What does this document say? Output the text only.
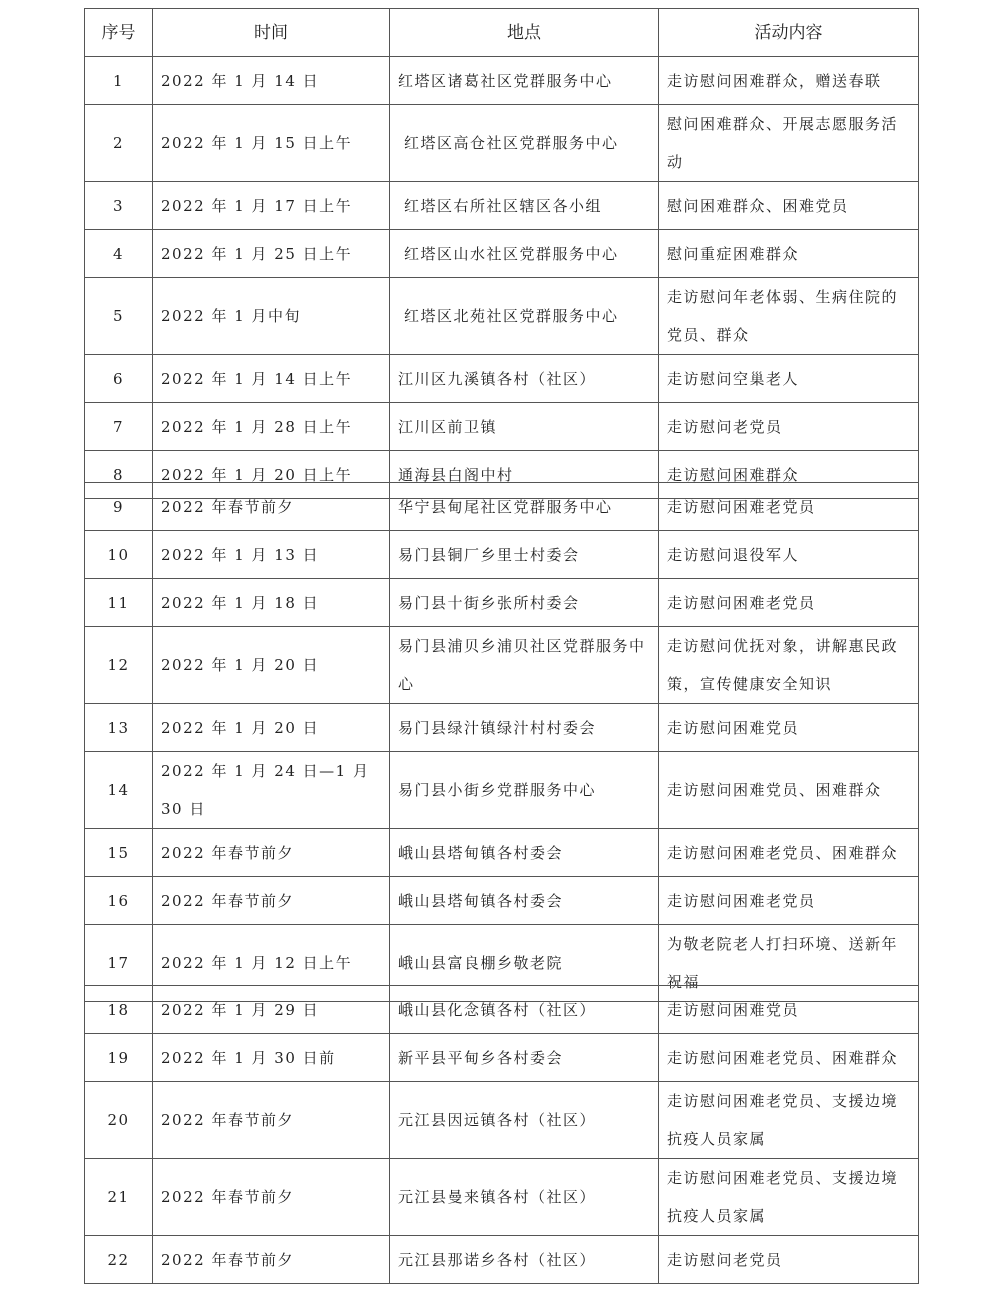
序号	时间	地点	活动内容
1	2022 年 1 月 14 日	红塔区诸葛社区党群服务中心	走访慰问困难群众，赠送春联
2	2022 年 1 月 15 日上午	红塔区高仓社区党群服务中心	慰问困难群众、开展志愿服务活动
3	2022 年 1 月 17 日上午	红塔区右所社区辖区各小组	慰问困难群众、困难党员
4	2022 年 1 月 25 日上午	红塔区山水社区党群服务中心	慰问重症困难群众
5	2022 年 1 月中旬	红塔区北苑社区党群服务中心	走访慰问年老体弱、生病住院的党员、群众
6	2022 年 1 月 14 日上午	江川区九溪镇各村（社区）	走访慰问空巢老人
7	2022 年 1 月 28 日上午	江川区前卫镇	走访慰问老党员
8	2022 年 1 月 20 日上午	通海县白阁中村	走访慰问困难群众
9	2022 年春节前夕	华宁县甸尾社区党群服务中心	走访慰问困难老党员
10	2022 年 1 月 13 日	易门县铜厂乡里士村委会	走访慰问退役军人
11	2022 年 1 月 18 日	易门县十街乡张所村委会	走访慰问困难老党员
12	2022 年 1 月 20 日	易门县浦贝乡浦贝社区党群服务中心	走访慰问优抚对象，讲解惠民政策，宣传健康安全知识
13	2022 年 1 月 20 日	易门县绿汁镇绿汁村村委会	走访慰问困难党员
14	2022 年 1 月 24 日—1 月 30 日	易门县小街乡党群服务中心	走访慰问困难党员、困难群众
15	2022 年春节前夕	峨山县塔甸镇各村委会	走访慰问困难老党员、困难群众
16	2022 年春节前夕	峨山县塔甸镇各村委会	走访慰问困难老党员
17	2022 年 1 月 12 日上午	峨山县富良棚乡敬老院	为敬老院老人打扫环境、送新年祝福
18	2022 年 1 月 29 日	峨山县化念镇各村（社区）	走访慰问困难党员
19	2022 年 1 月 30 日前	新平县平甸乡各村委会	走访慰问困难老党员、困难群众
20	2022 年春节前夕	元江县因远镇各村（社区）	走访慰问困难老党员、支援边境抗疫人员家属
21	2022 年春节前夕	元江县曼来镇各村（社区）	走访慰问困难老党员、支援边境抗疫人员家属
22	2022 年春节前夕	元江县那诺乡各村（社区）	走访慰问老党员
